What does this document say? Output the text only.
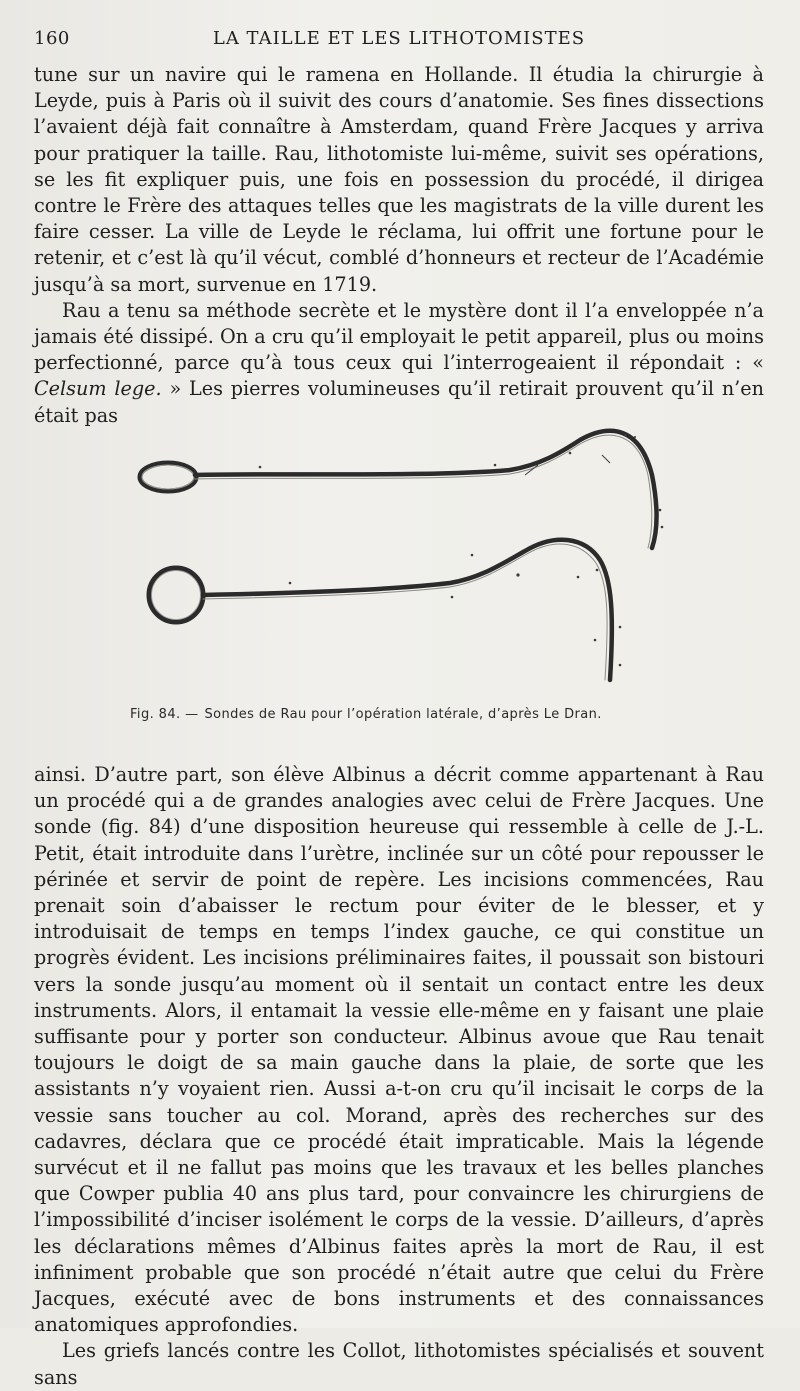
160	LA TAILLE ET LES LITHOTOMISTES

tune sur un navire qui le ramena en Hollande. Il étudia la chirurgie à Leyde, puis à Paris où il suivit des cours d’anatomie. Ses fines dissections l’avaient déjà fait connaître à Amsterdam, quand Frère Jacques y arriva pour pratiquer la taille. Rau, lithotomiste lui-même, suivit ses opérations, se les fit expliquer puis, une fois en possession du procédé, il dirigea contre le Frère des attaques telles que les magistrats de la ville durent les faire cesser. La ville de Leyde le réclama, lui offrit une fortune pour le retenir, et c’est là qu’il vécut, comblé d’honneurs et recteur de l’Académie jusqu’à sa mort, survenue en 1719.

Rau a tenu sa méthode secrète et le mystère dont il l’a enveloppée n’a jamais été dissipé. On a cru qu’il employait le petit appareil, plus ou moins perfectionné, parce qu’à tous ceux qui l’interrogeaient il répondait : « Celsum lege. » Les pierres volumineuses qu’il retirait prouvent qu’il n’en était pas

Fig. 84. — Sondes de Rau pour l’opération latérale, d’après Le Dran.

ainsi. D’autre part, son élève Albinus a décrit comme appartenant à Rau un procédé qui a de grandes analogies avec celui de Frère Jacques. Une sonde (fig. 84) d’une disposition heureuse qui ressemble à celle de J.-L. Petit, était introduite dans l’urètre, inclinée sur un côté pour repousser le périnée et servir de point de repère. Les incisions commencées, Rau prenait soin d’abaisser le rectum pour éviter de le blesser, et y introduisait de temps en temps l’index gauche, ce qui constitue un progrès évident. Les incisions préliminaires faites, il poussait son bistouri vers la sonde jusqu’au moment où il sentait un contact entre les deux instruments. Alors, il entamait la vessie elle-même en y faisant une plaie suffisante pour y porter son conducteur. Albinus avoue que Rau tenait toujours le doigt de sa main gauche dans la plaie, de sorte que les assistants n’y voyaient rien. Aussi a-t-on cru qu’il incisait le corps de la vessie sans toucher au col. Morand, après des recherches sur des cadavres, déclara que ce procédé était impraticable. Mais la légende survécut et il ne fallut pas moins que les travaux et les belles planches que Cowper publia 40 ans plus tard, pour convaincre les chirurgiens de l’impossibilité d’inciser isolément le corps de la vessie. D’ailleurs, d’après les déclarations mêmes d’Albinus faites après la mort de Rau, il est infiniment probable que son procédé n’était autre que celui du Frère Jacques, exécuté avec de bons instruments et des connaissances anatomiques approfondies.

Les griefs lancés contre les Collot, lithotomistes spécialisés et souvent sans
